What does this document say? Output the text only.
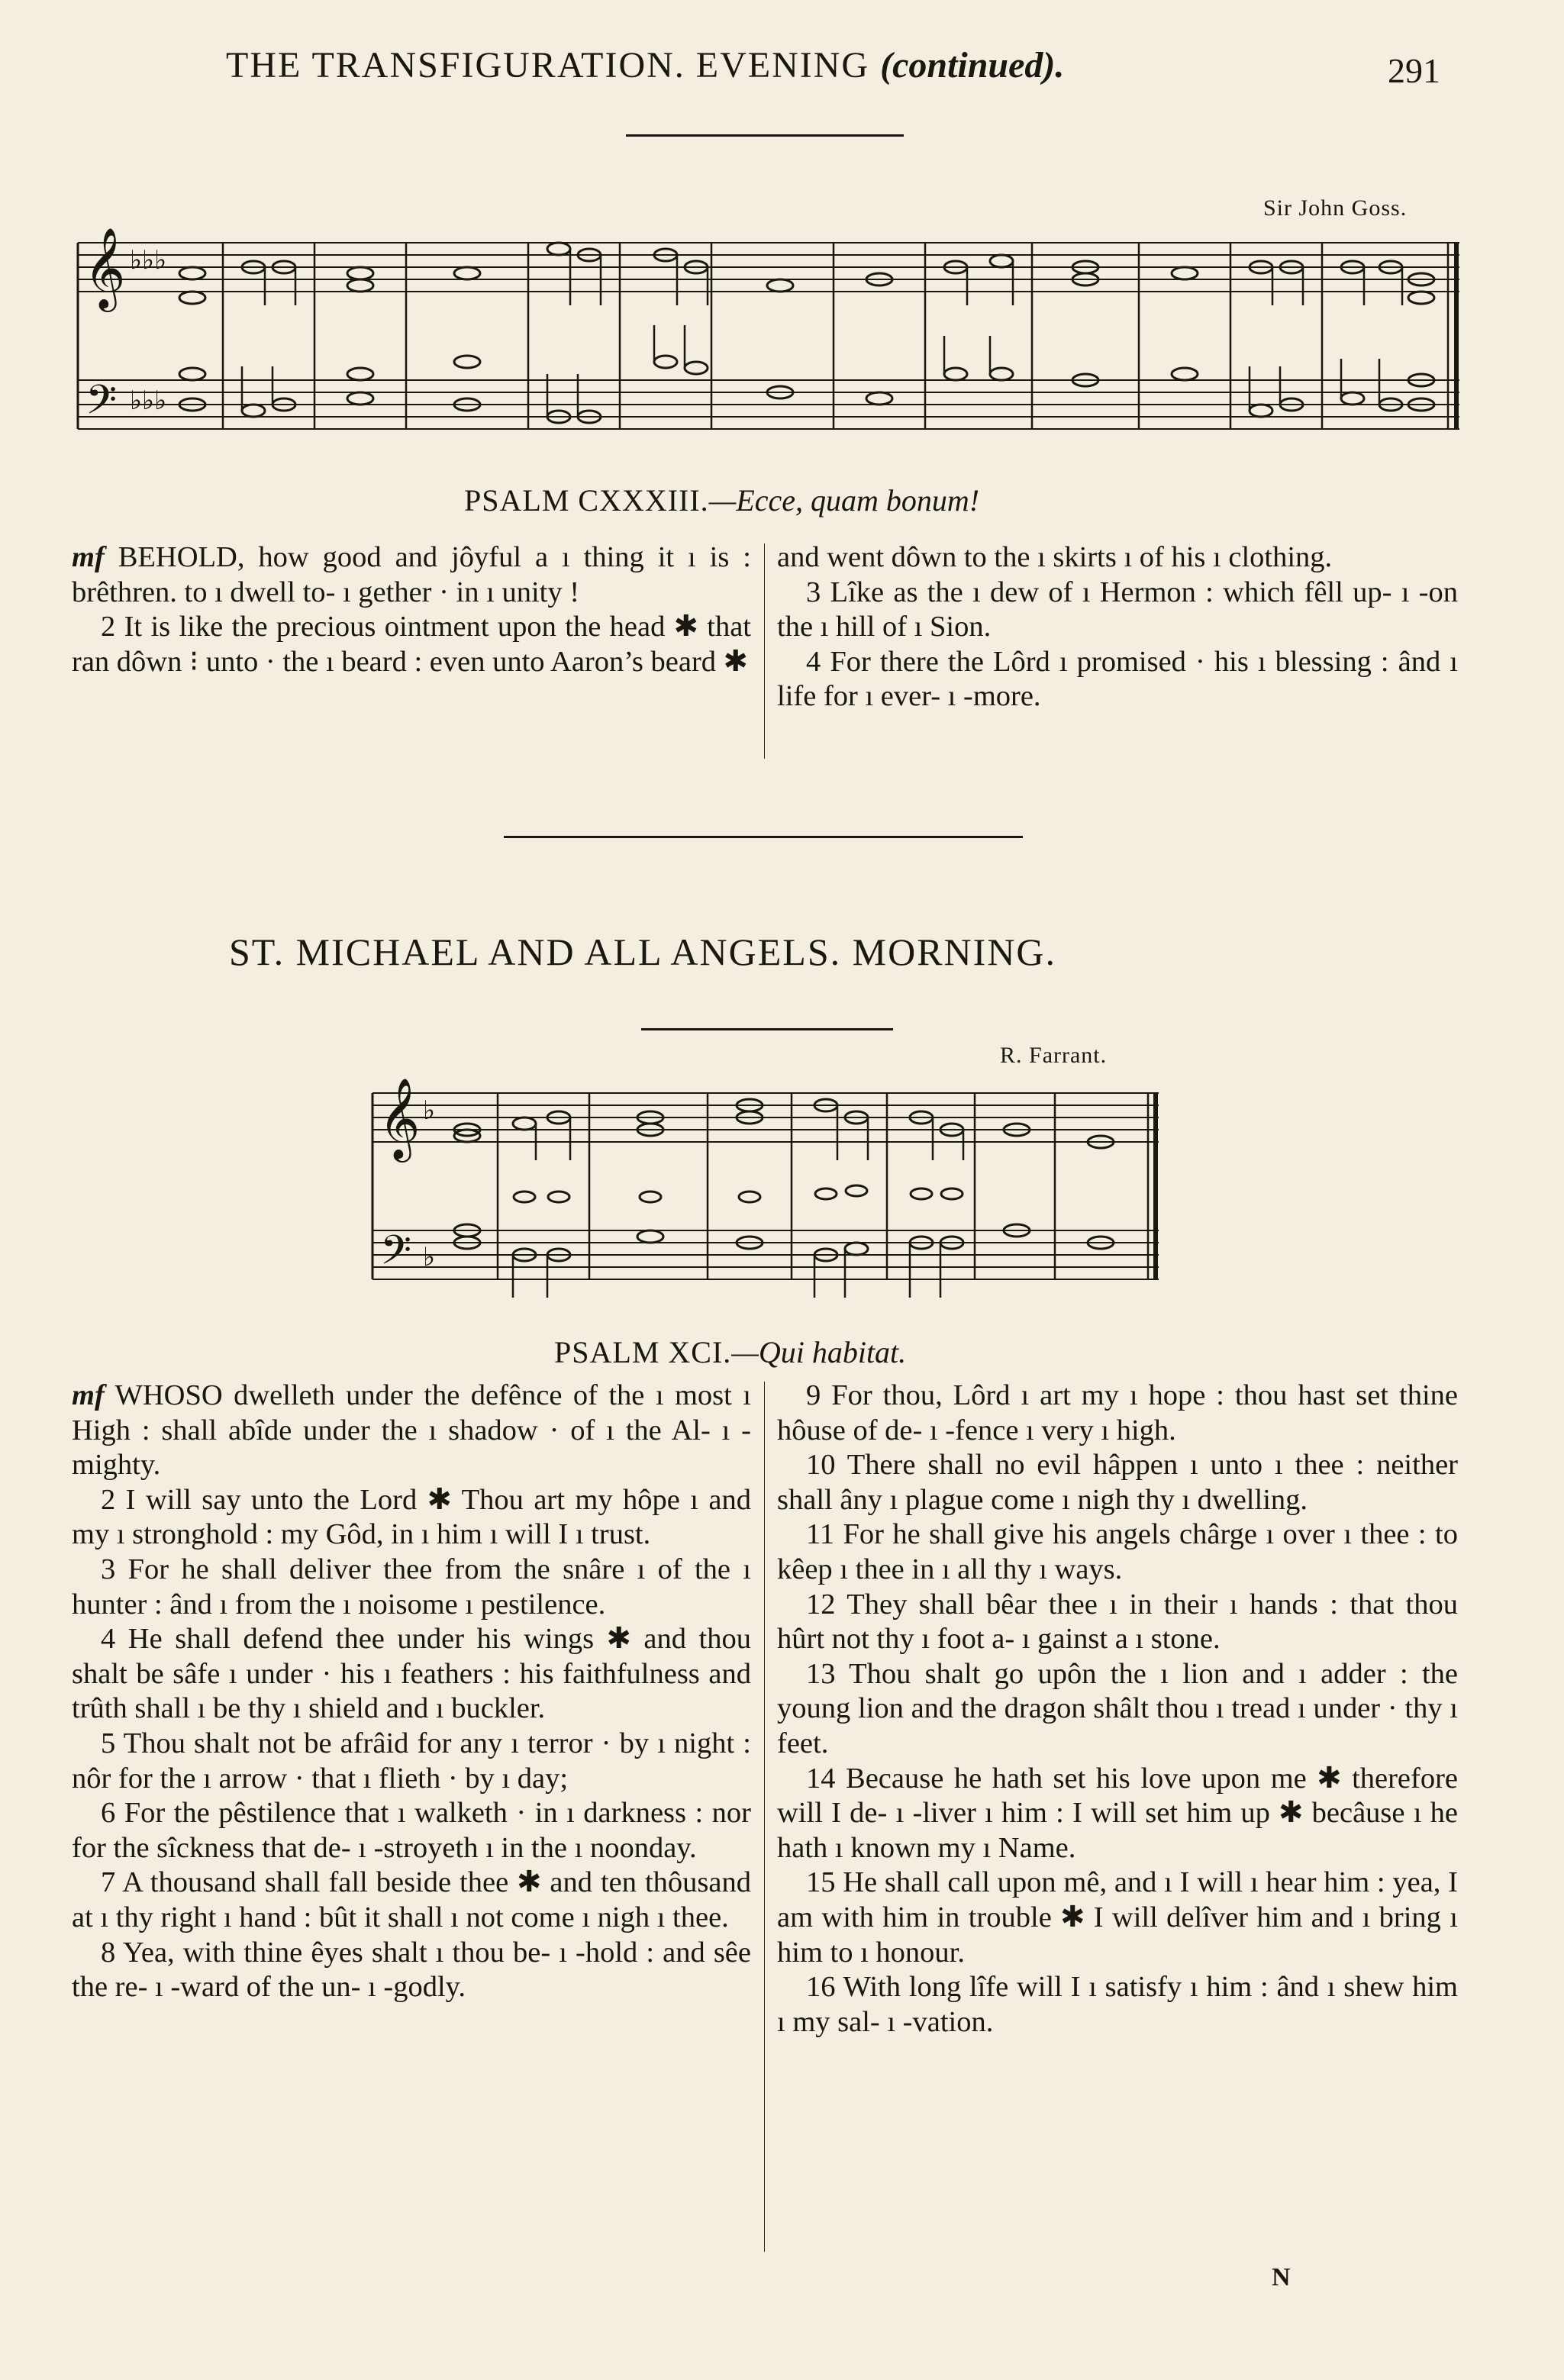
THE TRANSFIGURATION. EVENING (continued).	291
Sir John Goss.
𝄞
𝄢
♭♭♭
♭♭♭
PSALM CXXXIII.—Ecce, quam bonum!

mf BEHOLD, how good and jôyful a ı thing it ı is : brêthren. to ı dwell to- ı gether · in ı unity !

2 It is like the precious ointment upon the head ✱ that ran dôwn ⁝ unto · the ı beard : even unto Aaron’s beard ✱

and went dôwn to the ı skirts ı of his ı clothing.

3 Lîke as the ı dew of ı Hermon : which fêll up- ı -on the ı hill of ı Sion.

4 For there the Lôrd ı promised · his ı blessing : ând ı life for ı ever- ı -more.

ST. MICHAEL AND ALL ANGELS. MORNING.
R. Farrant.
𝄞
𝄢
♭
♭
PSALM XCI.—Qui habitat.

mf WHOSO dwelleth under the defênce of the ı most ı High : shall abîde under the ı shadow · of ı the Al- ı -mighty.

2 I will say unto the Lord ✱ Thou art my hôpe ı and my ı stronghold : my Gôd, in ı him ı will I ı trust.

3 For he shall deliver thee from the snâre ı of the ı hunter : ând ı from the ı noisome ı pestilence.

4 He shall defend thee under his wings ✱ and thou shalt be sâfe ı under · his ı feathers : his faithfulness and trûth shall ı be thy ı shield and ı buckler.

5 Thou shalt not be afrâid for any ı terror · by ı night : nôr for the ı arrow · that ı flieth · by ı day;

6 For the pêstilence that ı walketh · in ı darkness : nor for the sîckness that de- ı -stroyeth ı in the ı noonday.

7 A thousand shall fall beside thee ✱ and ten thôusand at ı thy right ı hand : bût it shall ı not come ı nigh ı thee.

8 Yea, with thine êyes shalt ı thou be- ı -hold : and sêe the re- ı -ward of the un- ı -godly.

9 For thou, Lôrd ı art my ı hope : thou hast set thine hôuse of de- ı -fence ı very ı high.

10 There shall no evil hâppen ı unto ı thee : neither shall âny ı plague come ı nigh thy ı dwelling.

11 For he shall give his angels chârge ı over ı thee : to kêep ı thee in ı all thy ı ways.

12 They shall bêar thee ı in their ı hands : that thou hûrt not thy ı foot a- ı gainst a ı stone.

13 Thou shalt go upôn the ı lion and ı adder : the young lion and the dragon shâlt thou ı tread ı under · thy ı feet.

14 Because he hath set his love upon me ✱ therefore will I de- ı -liver ı him : I will set him up ✱ becâuse ı he hath ı known my ı Name.

15 He shall call upon mê, and ı I will ı hear him : yea, I am with him in trouble ✱ I will delîver him and ı bring ı him to ı honour.

16 With long lîfe will I ı satisfy ı him : ând ı shew him ı my sal- ı -vation.

N
